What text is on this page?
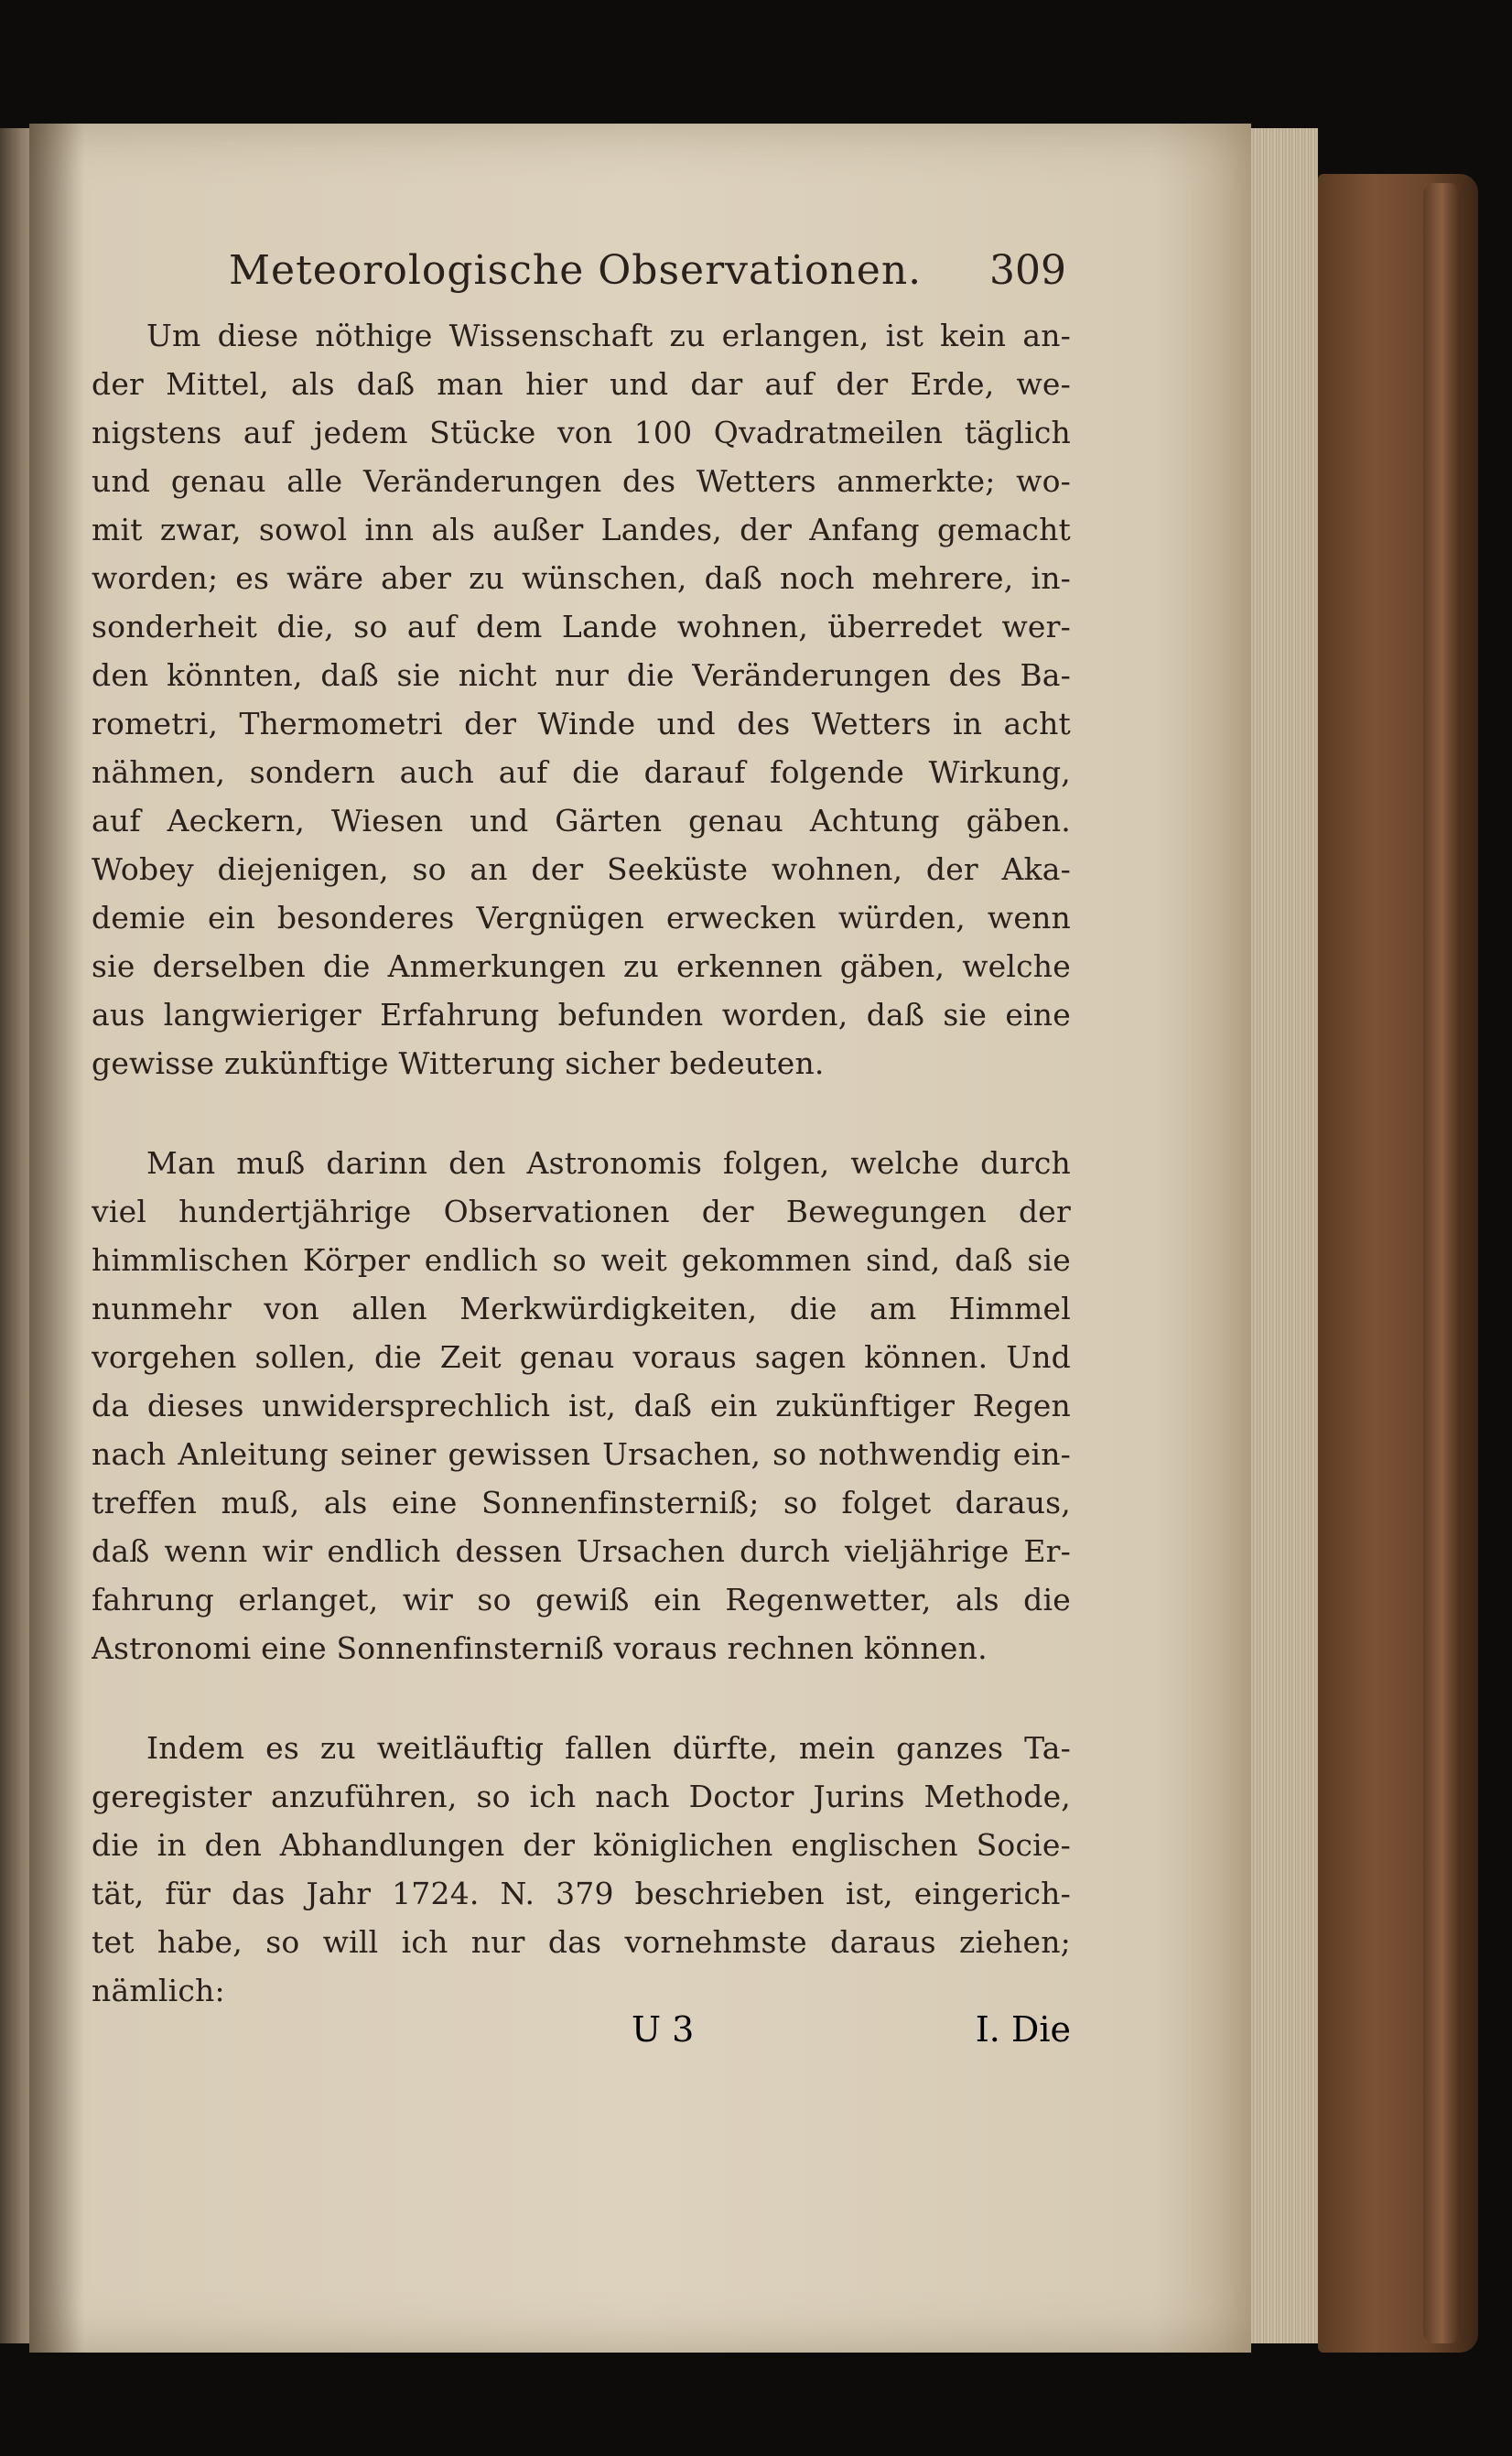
Meteorologische Observationen. 309
Um diese nöthige Wissenschaft zu erlangen, ist kein an-
der Mittel, als daß man hier und dar auf der Erde, we-
nigstens auf jedem Stücke von 100 Qvadratmeilen täglich
und genau alle Veränderungen des Wetters anmerkte; wo-
mit zwar, sowol inn als außer Landes, der Anfang gemacht
worden; es wäre aber zu wünschen, daß noch mehrere, in-
sonderheit die, so auf dem Lande wohnen, überredet wer-
den könnten, daß sie nicht nur die Veränderungen des Ba-
rometri, Thermometri der Winde und des Wetters in acht
nähmen, sondern auch auf die darauf folgende Wirkung,
auf Aeckern, Wiesen und Gärten genau Achtung gäben.
Wobey diejenigen, so an der Seeküste wohnen, der Aka-
demie ein besonderes Vergnügen erwecken würden, wenn
sie derselben die Anmerkungen zu erkennen gäben, welche
aus langwieriger Erfahrung befunden worden, daß sie eine
gewisse zukünftige Witterung sicher bedeuten.
Man muß darinn den Astronomis folgen, welche durch
viel hundertjährige Observationen der Bewegungen der
himmlischen Körper endlich so weit gekommen sind, daß sie
nunmehr von allen Merkwürdigkeiten, die am Himmel
vorgehen sollen, die Zeit genau voraus sagen können. Und
da dieses unwidersprechlich ist, daß ein zukünftiger Regen
nach Anleitung seiner gewissen Ursachen, so nothwendig ein-
treffen muß, als eine Sonnenfinsterniß; so folget daraus,
daß wenn wir endlich dessen Ursachen durch vieljährige Er-
fahrung erlanget, wir so gewiß ein Regenwetter, als die
Astronomi eine Sonnenfinsterniß voraus rechnen können.
Indem es zu weitläuftig fallen dürfte, mein ganzes Ta-
geregister anzuführen, so ich nach Doctor Jurins Methode,
die in den Abhandlungen der königlichen englischen Socie-
tät, für das Jahr 1724. N. 379 beschrieben ist, eingerich-
tet habe, so will ich nur das vornehmste daraus ziehen;
nämlich:
U 3	I. Die
